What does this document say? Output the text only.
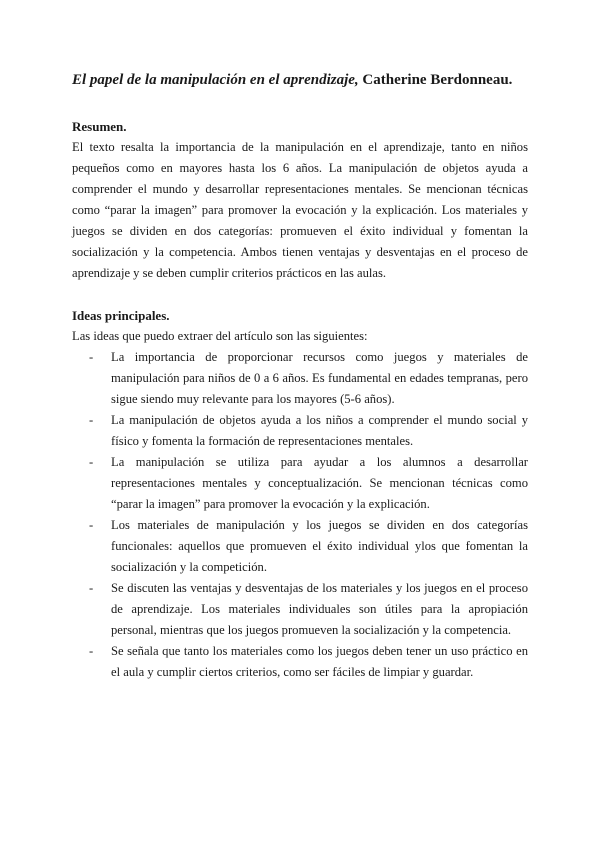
El papel de la manipulación en el aprendizaje, Catherine Berdonneau.

Resumen.

El texto resalta la importancia de la manipulación en el aprendizaje, tanto en niños pequeños como en mayores hasta los 6 años. La manipulación de objetos ayuda a comprender el mundo y desarrollar representaciones mentales. Se mencionan técnicas como “parar la imagen” para promover la evocación y la explicación. Los materiales y juegos se dividen en dos categorías: promueven el éxito individual y fomentan la socialización y la competencia. Ambos tienen ventajas y desventajas en el proceso de aprendizaje y se deben cumplir criterios prácticos en las aulas.

Ideas principales.

Las ideas que puedo extraer del artículo son las siguientes:

- La importancia de proporcionar recursos como juegos y materiales de manipulación para niños de 0 a 6 años. Es fundamental en edades tempranas, pero sigue siendo muy relevante para los mayores (5-6 años).
- La manipulación de objetos ayuda a los niños a comprender el mundo social y físico y fomenta la formación de representaciones mentales.
- La manipulación se utiliza para ayudar a los alumnos a desarrollar representaciones mentales y conceptualización. Se mencionan técnicas como “parar la imagen” para promover la evocación y la explicación.
- Los materiales de manipulación y los juegos se dividen en dos categorías funcionales: aquellos que promueven el éxito individual ylos que fomentan la socialización y la competición.
- Se discuten las ventajas y desventajas de los materiales y los juegos en el proceso de aprendizaje. Los materiales individuales son útiles para la apropiación personal, mientras que los juegos promueven la socialización y la competencia.
- Se señala que tanto los materiales como los juegos deben tener un uso práctico en el aula y cumplir ciertos criterios, como ser fáciles de limpiar y guardar.
